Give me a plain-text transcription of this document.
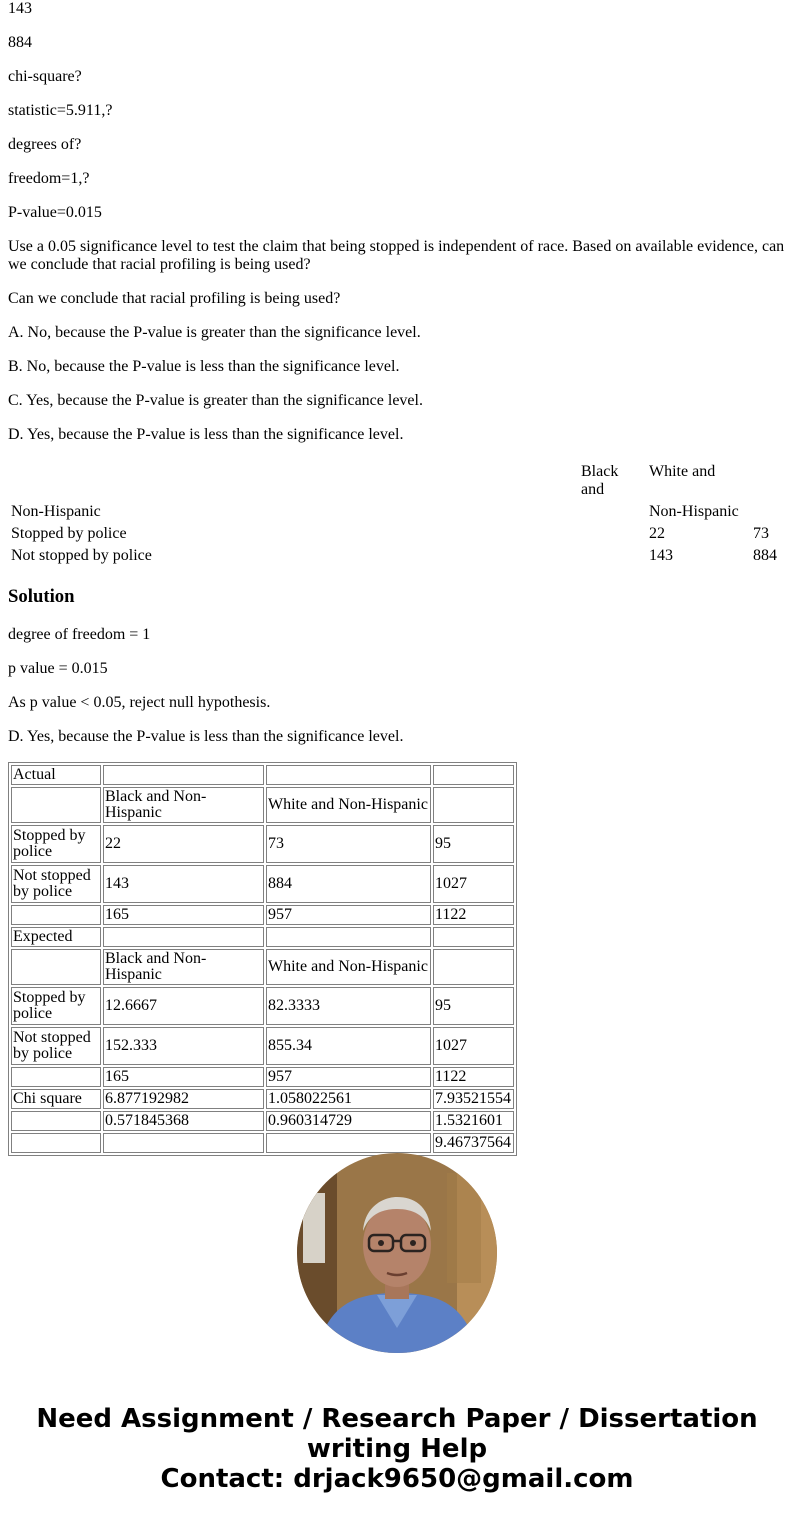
143

884

chi-square?

statistic=5.911,?

degrees of?

freedom=1,?

P-value=0.015

Use a 0.05 significance level to test the claim that being stopped is independent of race. Based on available evidence, can we conclude that racial profiling is being used?

Can we conclude that racial profiling is being used?

A. No, because the P-value is greater than the significance level.

B. No, because the P-value is less than the significance level.

C. Yes, because the P-value is greater than the significance level.

D. Yes, because the P-value is less than the significance level.

	Black and	White and	
Non-Hispanic		Non-Hispanic	
Stopped by police		22	73
Not stopped by police		143	884
Solution

degree of freedom = 1

p value = 0.015

As p value < 0.05, reject null hypothesis.

D. Yes, because the P-value is less than the significance level.

Actual			
	Black and Non-Hispanic	White and Non-Hispanic	
Stopped by police	22	73	95
Not stopped by police	143	884	1027
	165	957	1122
Expected			
	Black and Non-Hispanic	White and Non-Hispanic	
Stopped by police	12.6667	82.3333	95
Not stopped by police	152.333	855.34	1027
	165	957	1122
Chi square	6.877192982	1.058022561	7.93521554
	0.571845368	0.960314729	1.5321601
			9.46737564
Need Assignment / Research Paper / Dissertation
writing Help
Contact: drjack9650@gmail.com
